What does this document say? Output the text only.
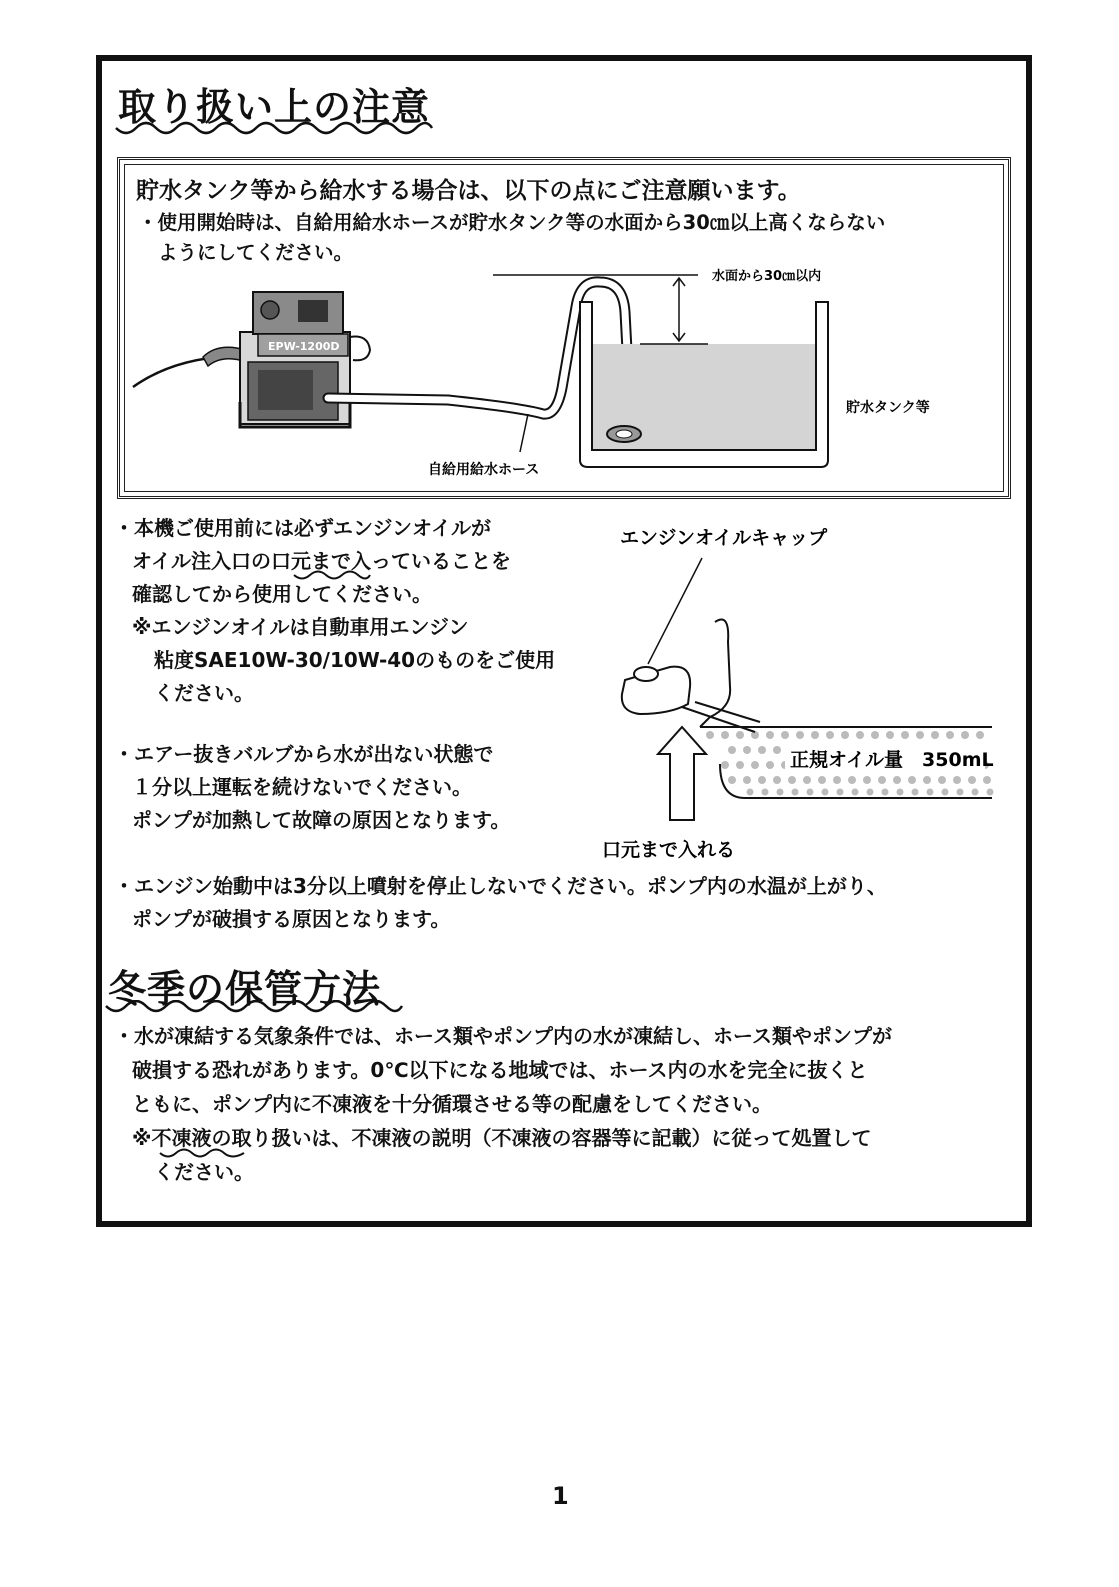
取り扱い上の注意
貯水タンク等から給水する場合は、以下の点にご注意願います。
・使用開始時は、自給用給水ホースが貯水タンク等の水面から30㎝以上高くならない
ようにしてください。
EPW-1200D
水面から30㎝以内
貯水タンク等
自給用給水ホース
・本機ご使用前には必ずエンジンオイルが
オイル注入口の口元まで入っていることを
確認してから使用してください。
※エンジンオイルは自動車用エンジン
粘度SAE10W-30/10W-40のものをご使用
ください。
・エアー抜きバルブから水が出ない状態で
１分以上運転を続けないでください。
ポンプが加熱して故障の原因となります。
エンジンオイルキャップ
正規オイル量　350mL
口元まで入れる
・エンジン始動中は3分以上噴射を停止しないでください。ポンプ内の水温が上がり、
ポンプが破損する原因となります。
冬季の保管方法
・水が凍結する気象条件では、ホース類やポンプ内の水が凍結し、ホース類やポンプが
破損する恐れがあります。0℃以下になる地域では、ホース内の水を完全に抜くと
ともに、ポンプ内に不凍液を十分循環させる等の配慮をしてください。
※不凍液の取り扱いは、不凍液の説明（不凍液の容器等に記載）に従って処置して
ください。
1
